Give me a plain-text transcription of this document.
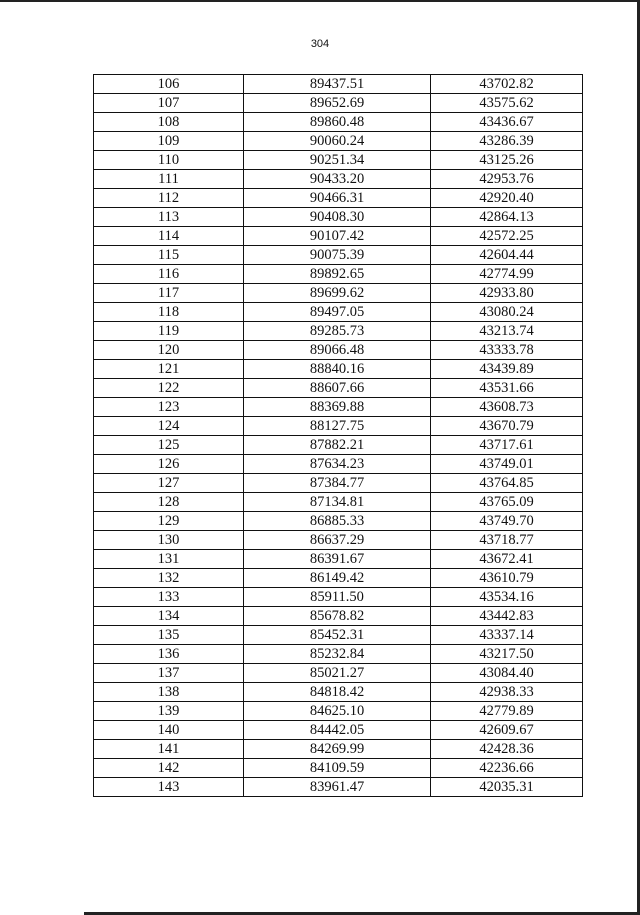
304
106	89437.51	43702.82
107	89652.69	43575.62
108	89860.48	43436.67
109	90060.24	43286.39
110	90251.34	43125.26
111	90433.20	42953.76
112	90466.31	42920.40
113	90408.30	42864.13
114	90107.42	42572.25
115	90075.39	42604.44
116	89892.65	42774.99
117	89699.62	42933.80
118	89497.05	43080.24
119	89285.73	43213.74
120	89066.48	43333.78
121	88840.16	43439.89
122	88607.66	43531.66
123	88369.88	43608.73
124	88127.75	43670.79
125	87882.21	43717.61
126	87634.23	43749.01
127	87384.77	43764.85
128	87134.81	43765.09
129	86885.33	43749.70
130	86637.29	43718.77
131	86391.67	43672.41
132	86149.42	43610.79
133	85911.50	43534.16
134	85678.82	43442.83
135	85452.31	43337.14
136	85232.84	43217.50
137	85021.27	43084.40
138	84818.42	42938.33
139	84625.10	42779.89
140	84442.05	42609.67
141	84269.99	42428.36
142	84109.59	42236.66
143	83961.47	42035.31
